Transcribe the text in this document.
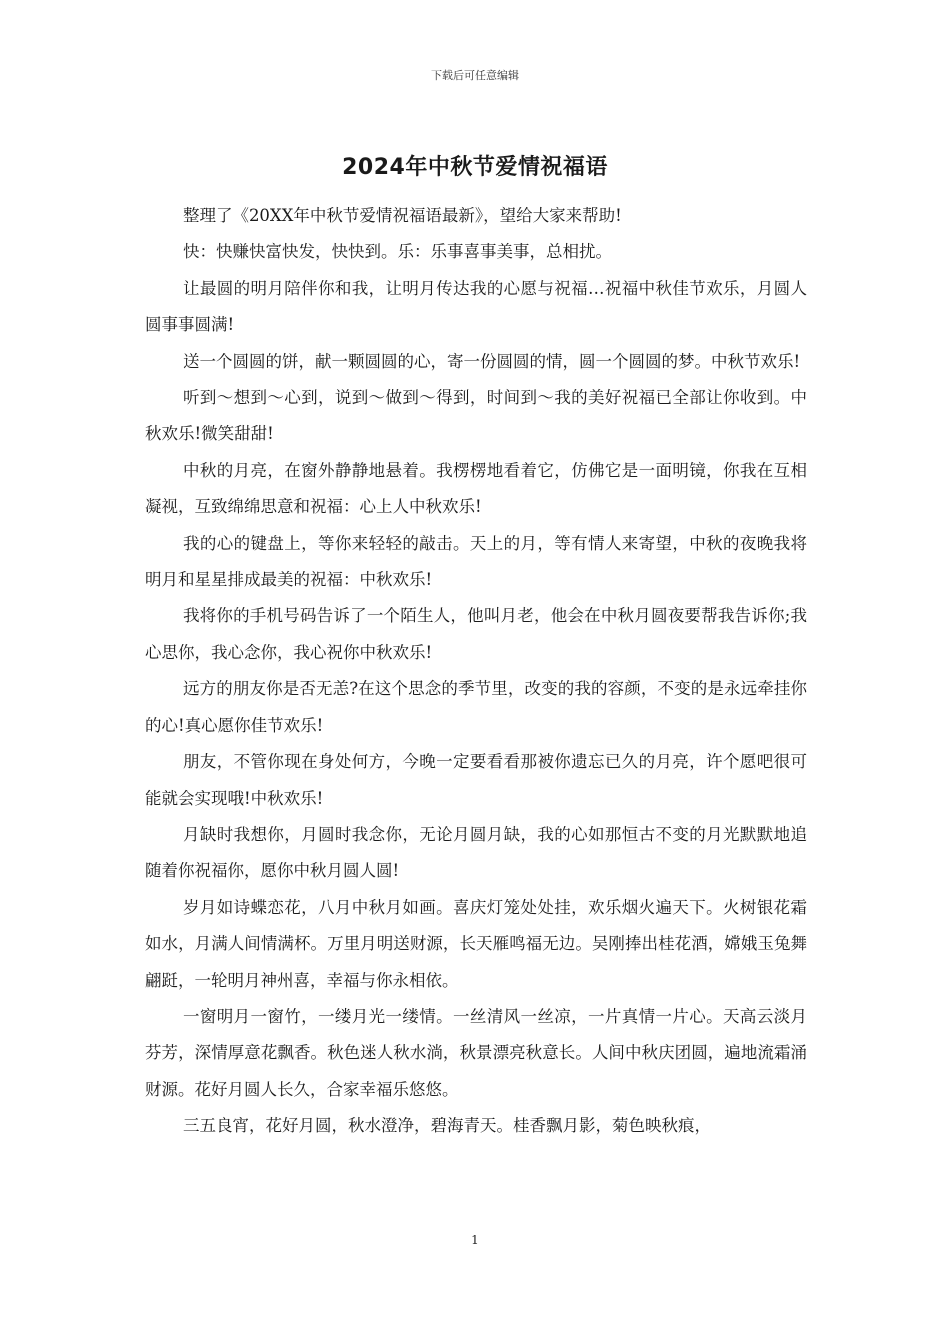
下载后可任意编辑
2024年中秋节爱情祝福语

整理了《20XX年中秋节爱情祝福语最新》，望给大家来帮助!

快：快赚快富快发，快快到。乐：乐事喜事美事，总相扰。

让最圆的明月陪伴你和我，让明月传达我的心愿与祝福…祝福中秋佳节欢乐，月圆人圆事事圆满!

送一个圆圆的饼，献一颗圆圆的心，寄一份圆圆的情，圆一个圆圆的梦。中秋节欢乐!

听到～想到～心到，说到～做到～得到，时间到～我的美好祝福已全部让你收到。中秋欢乐!微笑甜甜!

中秋的月亮，在窗外静静地悬着。我楞楞地看着它，仿佛它是一面明镜，你我在互相凝视，互致绵绵思意和祝福：心上人中秋欢乐!

我的心的键盘上，等你来轻轻的敲击。天上的月，等有情人来寄望，中秋的夜晚我将明月和星星排成最美的祝福：中秋欢乐!

我将你的手机号码告诉了一个陌生人，他叫月老，他会在中秋月圆夜要帮我告诉你;我心思你，我心念你，我心祝你中秋欢乐!

远方的朋友你是否无恙?在这个思念的季节里，改变的我的容颜，不变的是永远牵挂你的心!真心愿你佳节欢乐!

朋友，不管你现在身处何方，今晚一定要看看那被你遗忘已久的月亮，许个愿吧很可能就会实现哦!中秋欢乐!

月缺时我想你，月圆时我念你，无论月圆月缺，我的心如那恒古不变的月光默默地追随着你祝福你，愿你中秋月圆人圆!

岁月如诗蝶恋花，八月中秋月如画。喜庆灯笼处处挂，欢乐烟火遍天下。火树银花霜如水，月满人间情满杯。万里月明送财源，长天雁鸣福无边。吴刚捧出桂花酒，嫦娥玉兔舞翩跹，一轮明月神州喜，幸福与你永相依。

一窗明月一窗竹，一缕月光一缕情。一丝清风一丝凉，一片真情一片心。天高云淡月芬芳，深情厚意花飘香。秋色迷人秋水淌，秋景漂亮秋意长。人间中秋庆团圆，遍地流霜涌财源。花好月圆人长久，合家幸福乐悠悠。

三五良宵，花好月圆，秋水澄净，碧海青天。桂香飘月影，菊色映秋痕，

1
